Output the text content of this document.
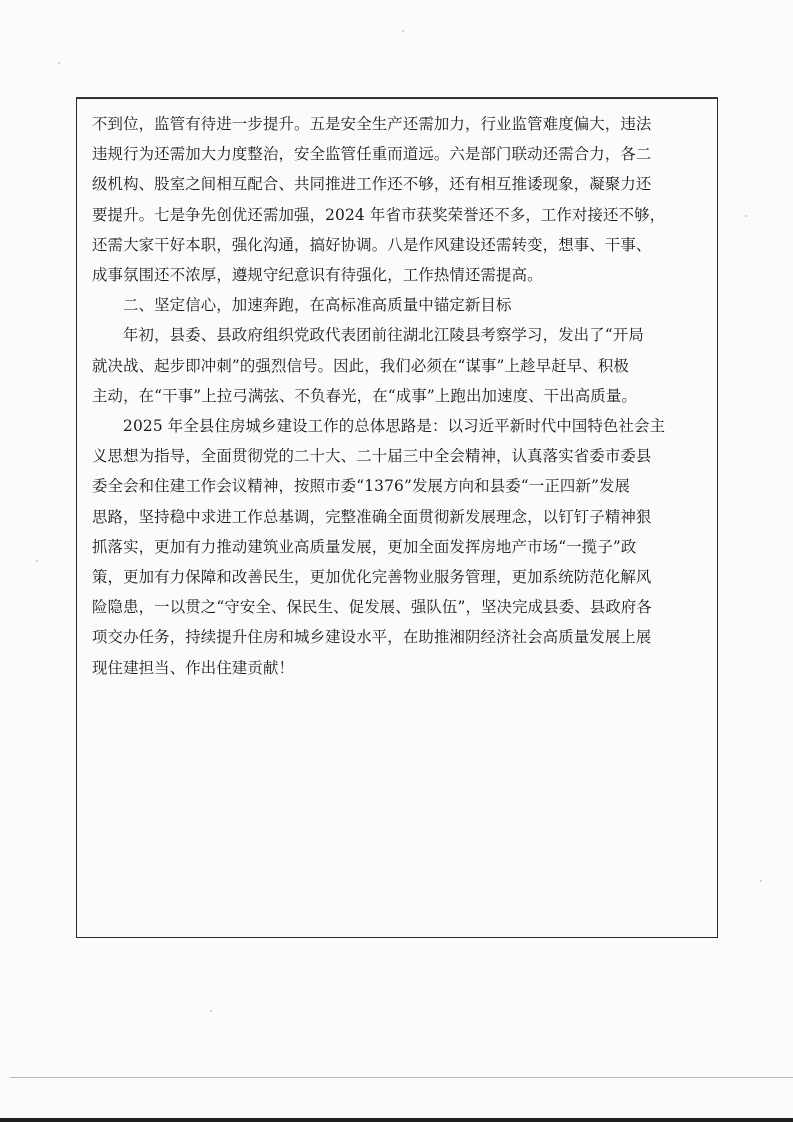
不到位，监管有待进一步提升。五是安全生产还需加力，行业监管难度偏大，违法
违规行为还需加大力度整治，安全监管任重而道远。六是部门联动还需合力，各二
级机构、股室之间相互配合、共同推进工作还不够，还有相互推诿现象，凝聚力还
要提升。七是争先创优还需加强，2024 年省市获奖荣誉还不多，工作对接还不够，
还需大家干好本职，强化沟通，搞好协调。八是作风建设还需转变，想事、干事、
成事氛围还不浓厚，遵规守纪意识有待强化，工作热情还需提高。
二、坚定信心，加速奔跑，在高标准高质量中锚定新目标
年初，县委、县政府组织党政代表团前往湖北江陵县考察学习，发出了“开局
就决战、起步即冲刺”的强烈信号。因此，我们必须在“谋事”上趁早赶早、积极
主动，在“干事”上拉弓满弦、不负春光，在“成事”上跑出加速度、干出高质量。
2025 年全县住房城乡建设工作的总体思路是：以习近平新时代中国特色社会主
义思想为指导，全面贯彻党的二十大、二十届三中全会精神，认真落实省委市委县
委全会和住建工作会议精神，按照市委“1376”发展方向和县委“一正四新”发展
思路，坚持稳中求进工作总基调，完整准确全面贯彻新发展理念，以钉钉子精神狠
抓落实，更加有力推动建筑业高质量发展，更加全面发挥房地产市场“一揽子”政
策，更加有力保障和改善民生，更加优化完善物业服务管理，更加系统防范化解风
险隐患，一以贯之“守安全、保民生、促发展、强队伍”，坚决完成县委、县政府各
项交办任务，持续提升住房和城乡建设水平，在助推湘阴经济社会高质量发展上展
现住建担当、作出住建贡献！
